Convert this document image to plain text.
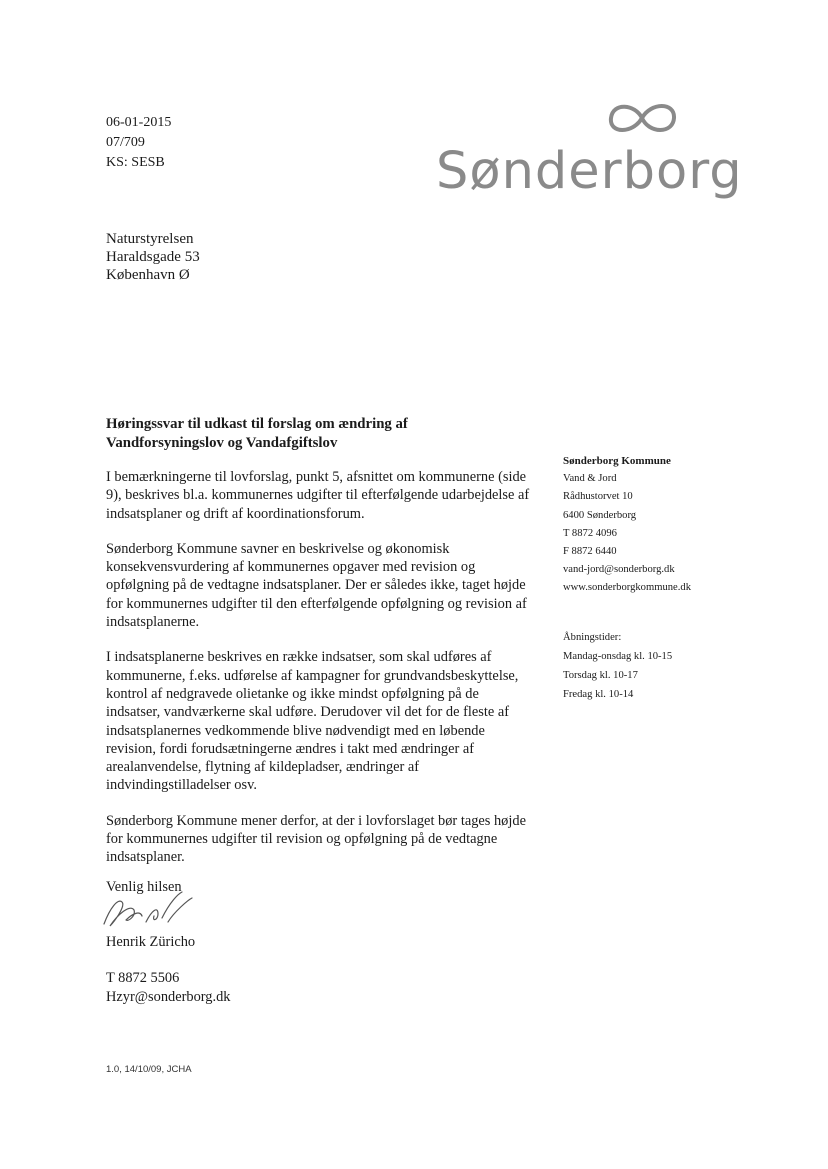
06-01-2015
07/709
KS: SESB	Sønderborg
Naturstyrelsen
Haraldsgade 53
København Ø
Høringssvar til udkast til forslag om ændring af
Vandforsyningslov og Vandafgiftslov

I bemærkningerne til lovforslag, punkt 5, afsnittet om kommunerne (side 9), beskrives bl.a. kommunernes udgifter til efterfølgende udarbejdelse af indsatsplaner og drift af koordinationsforum.

Sønderborg Kommune savner en beskrivelse og økonomisk konsekvensvurdering af kommunernes opgaver med revision og opfølgning på de vedtagne indsatsplaner. Der er således ikke, taget højde for kommunernes udgifter til den efterfølgende opfølgning og revision af indsatsplanerne.

I indsatsplanerne beskrives en række indsatser, som skal udføres af kommunerne, f.eks. udførelse af kampagner for grundvandsbeskyttelse, kontrol af nedgravede olietanke og ikke mindst opfølgning på de indsatser, vandværkerne skal udføre. Derudover vil det for de fleste af indsatsplanernes vedkommende blive nødvendigt med en løbende revision, fordi forudsætningerne ændres i takt med ændringer af arealanvendelse, flytning af kildepladser, ændringer af indvindingstilladelser osv.

Sønderborg Kommune mener derfor, at der i lovforslaget bør tages højde for kommunernes udgifter til revision og opfølgning på de vedtagne indsatsplaner.

Venlig hilsen
Henrik Züricho
T 8872 5506
Hzyr@sonderborg.dk
1.0, 14/10/09, JCHA
Sønderborg Kommune
Vand & Jord
Rådhustorvet 10
6400 Sønderborg
T 8872 4096
F 8872 6440
vand-jord@sonderborg.dk
www.sonderborgkommune.dk
Åbningstider:
Mandag-onsdag kl. 10-15
Torsdag kl. 10-17
Fredag kl. 10-14
